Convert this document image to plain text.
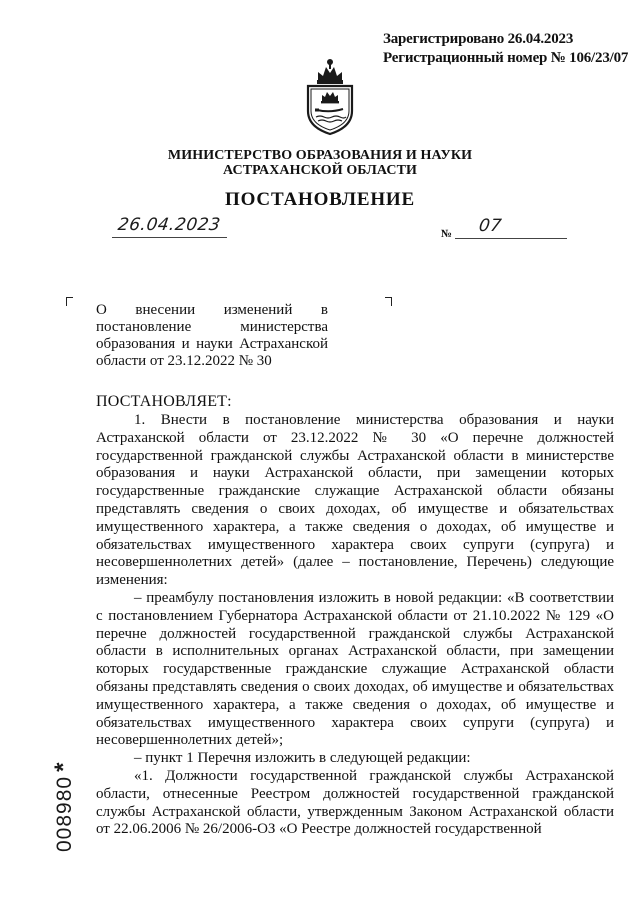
Зарегистрировано 26.04.2023
Регистрационный номер № 106/23/07
МИНИСТЕРСТВО ОБРАЗОВАНИЯ И НАУКИ
АСТРАХАНСКОЙ ОБЛАСТИ
ПОСТАНОВЛЕНИЕ
26.04.2023	№ 07

О внесении изменений в

постановление министерства

образования и науки Астраханской

области от 23.12.2022 № 30

ПОСТАНОВЛЯЕТ:

1. Внести в постановление министерства образования и науки Астраханской области от 23.12.2022 № 30 «О перечне должностей государственной гражданской службы Астраханской области в министерстве образования и науки Астраханской области, при замещении которых государственные гражданские служащие Астраханской области обязаны представлять сведения о своих доходах, об имуществе и обязательствах имущественного характера, а также сведения о доходах, об имуществе и обязательствах имущественного характера своих супруги (супруга) и несовершеннолетних детей» (далее – постановление, Перечень) следующие изменения:

– преамбулу постановления изложить в новой редакции: «В соответствии с постановлением Губернатора Астраханской области от 21.10.2022 № 129 «О перечне должностей государственной гражданской службы Астраханской области в исполнительных органах Астраханской области, при замещении которых государственные гражданские служащие Астраханской области обязаны представлять сведения о своих доходах, об имуществе и обязательствах имущественного характера, а также сведения о доходах, об имуществе и обязательствах имущественного характера своих супруги (супруга) и несовершеннолетних детей»;

– пункт 1 Перечня изложить в следующей редакции:

«1. Должности государственной гражданской службы Астраханской области, отнесенные Реестром должностей государственной гражданской службы Астраханской области, утвержденным Законом Астраханской области от 22.06.2006 № 26/2006-ОЗ «О Реестре должностей государственной

008980*
